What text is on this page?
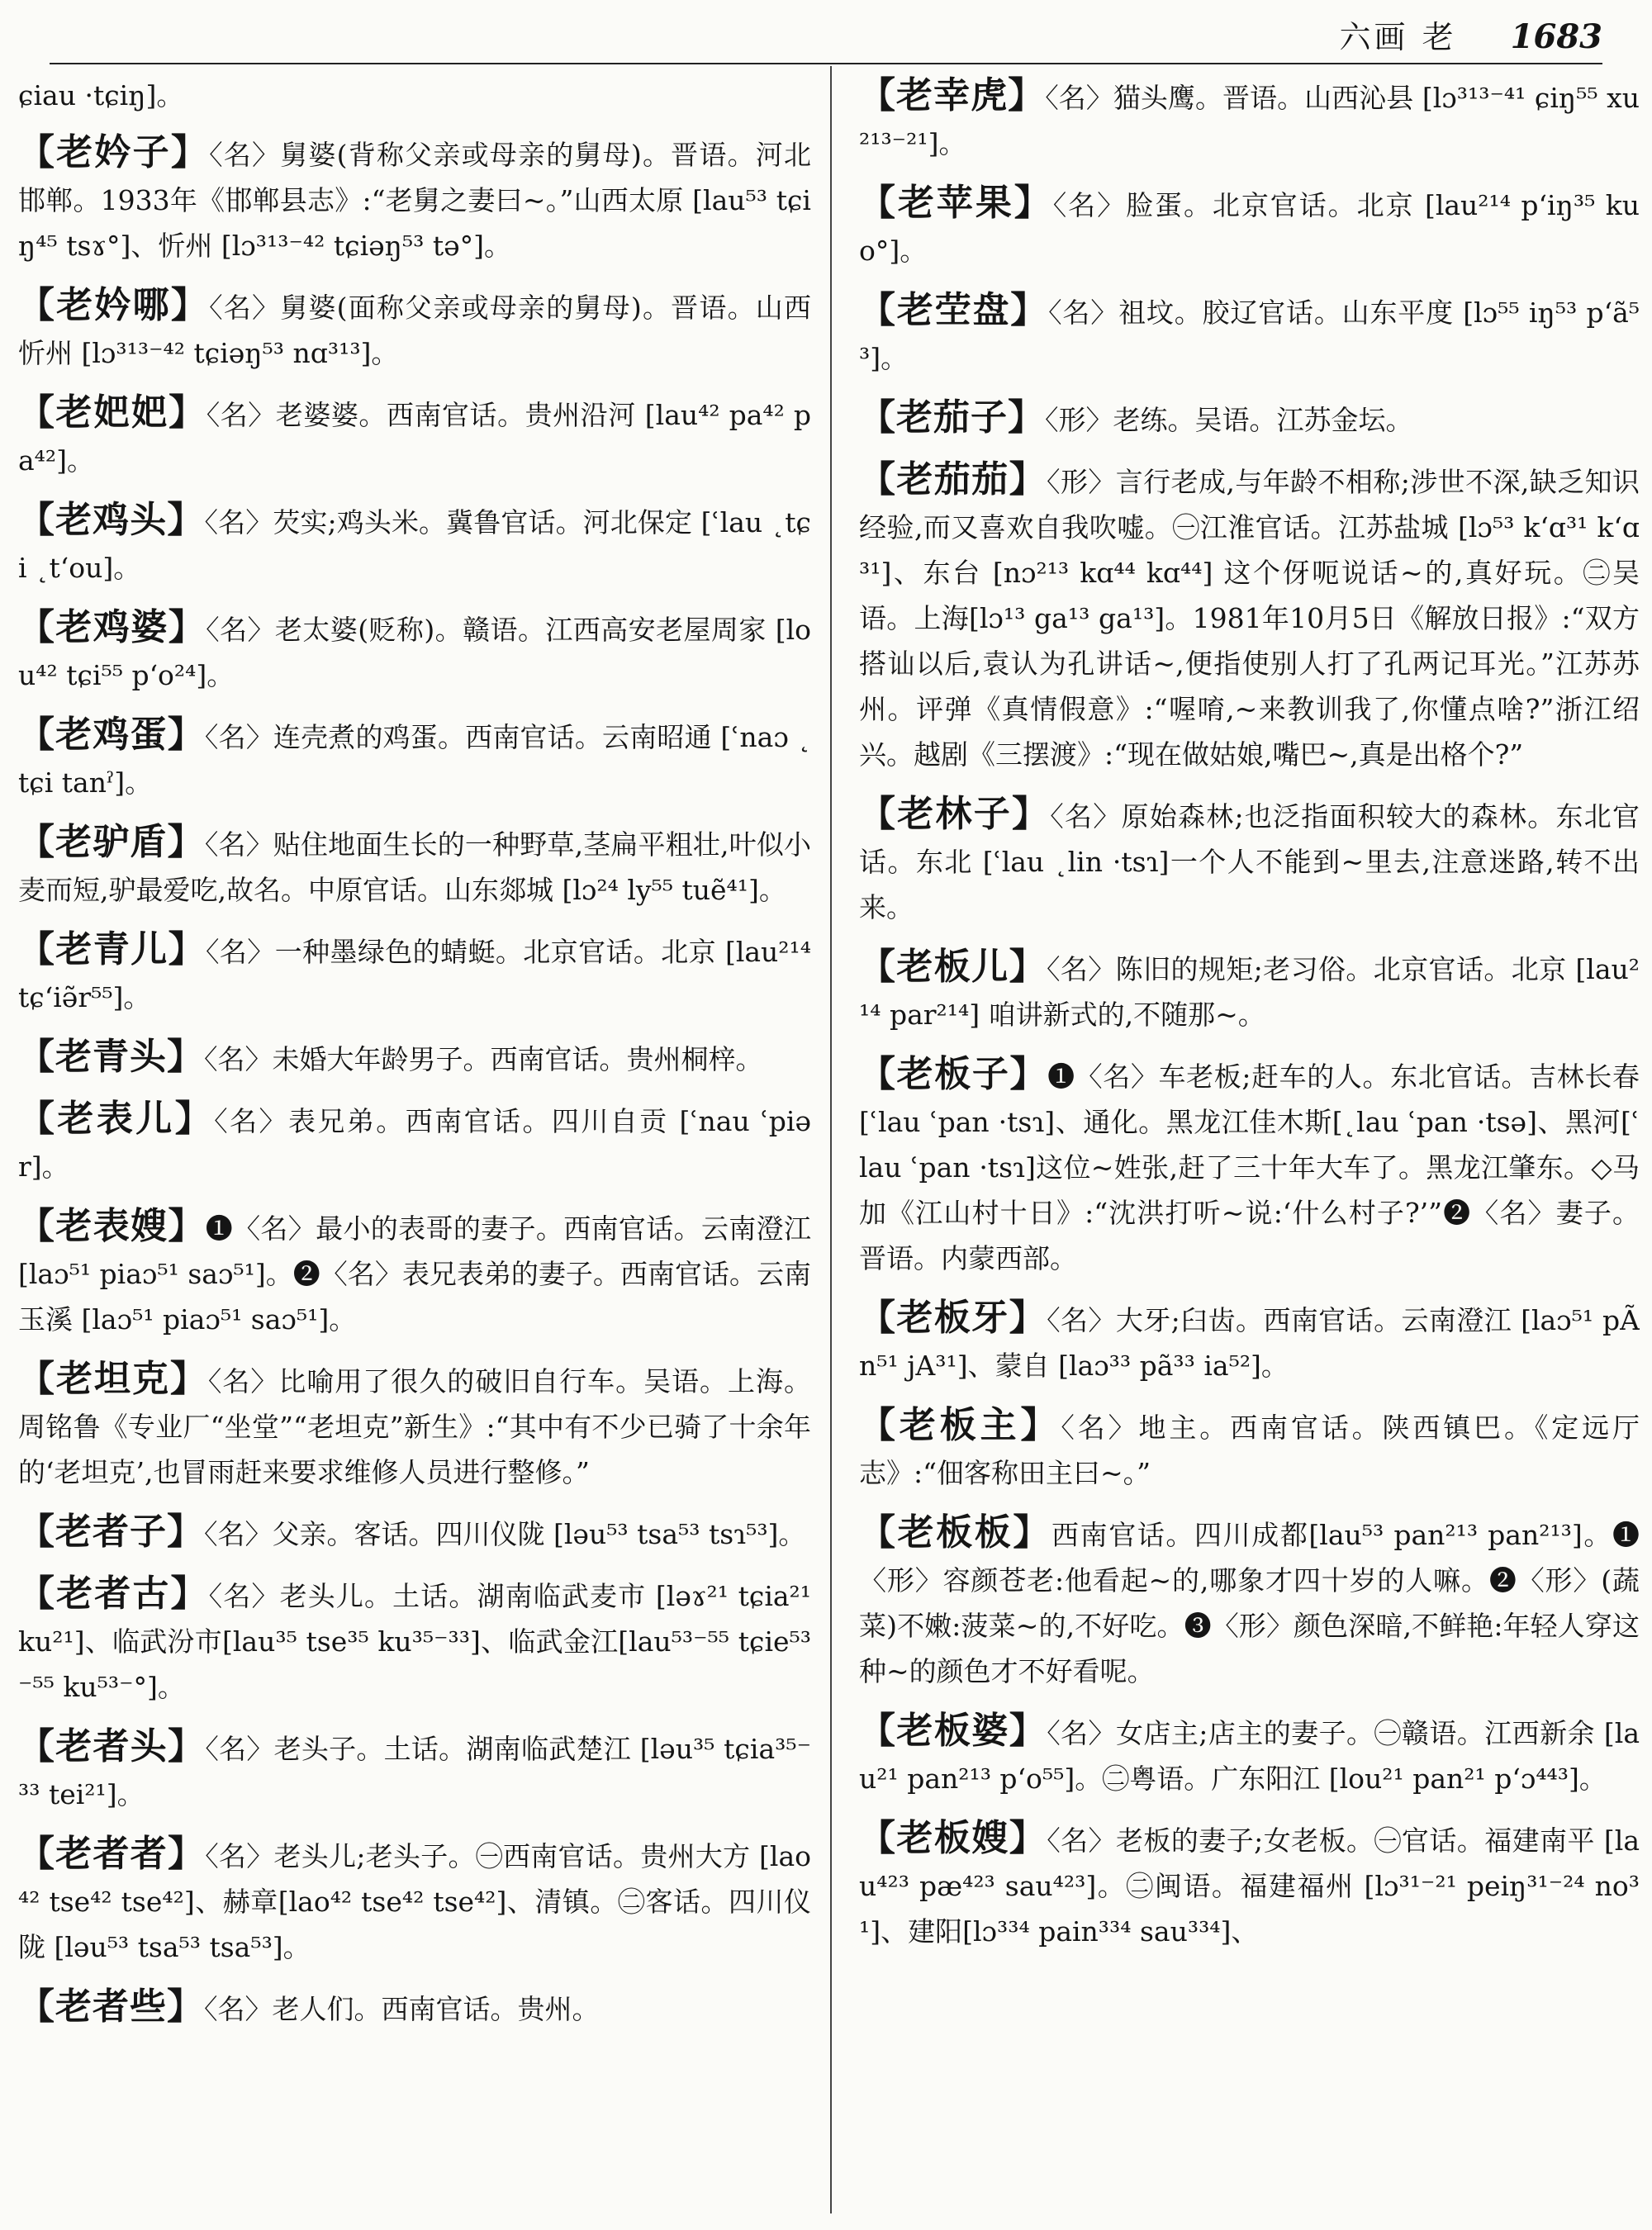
六画 老 1683
ɕiau ·tɕiŋ]。

【老妗子】〈名〉舅婆(背称父亲或母亲的舅母)。晋语。河北邯郸。1933年《邯郸县志》:“老舅之妻曰~。”山西太原 [lau⁵³ tɕiŋ⁴⁵ tsɤ°]、忻州 [lɔ³¹³⁻⁴² tɕiəŋ⁵³ tə°]。

【老妗哪】〈名〉舅婆(面称父亲或母亲的舅母)。晋语。山西忻州 [lɔ³¹³⁻⁴² tɕiəŋ⁵³ nɑ³¹³]。

【老妑妑】〈名〉老婆婆。西南官话。贵州沿河 [lau⁴² pa⁴² pa⁴²]。

【老鸡头】〈名〉芡实;鸡头米。冀鲁官话。河北保定 [ʿlau ˛tɕi ˛tʻou]。

【老鸡婆】〈名〉老太婆(贬称)。赣语。江西高安老屋周家 [lou⁴² tɕi⁵⁵ pʻo²⁴]。

【老鸡蛋】〈名〉连壳煮的鸡蛋。西南官话。云南昭通 [ʿnaɔ ˛tɕi tanˀ]。

【老驴盾】〈名〉贴住地面生长的一种野草,茎扁平粗壮,叶似小麦而短,驴最爱吃,故名。中原官话。山东郯城 [lɔ²⁴ ly⁵⁵ tuẽ⁴¹]。

【老青儿】〈名〉一种墨绿色的蜻蜓。北京官话。北京 [lau²¹⁴ tɕʻiə̃r⁵⁵]。

【老青头】〈名〉未婚大年龄男子。西南官话。贵州桐梓。

【老表儿】〈名〉表兄弟。西南官话。四川自贡 [ʿnau ʿpiər]。

【老表嫂】❶〈名〉最小的表哥的妻子。西南官话。云南澄江 [laɔ⁵¹ piaɔ⁵¹ saɔ⁵¹]。❷〈名〉表兄表弟的妻子。西南官话。云南玉溪 [laɔ⁵¹ piaɔ⁵¹ saɔ⁵¹]。

【老坦克】〈名〉比喻用了很久的破旧自行车。吴语。上海。周铭鲁《专业厂“坐堂”“老坦克”新生》:“其中有不少已骑了十余年的‘老坦克’,也冒雨赶来要求维修人员进行整修。”

【老者子】〈名〉父亲。客话。四川仪陇 [ləu⁵³ tsa⁵³ tsɿ⁵³]。

【老者古】〈名〉老头儿。土话。湖南临武麦市 [ləɤ²¹ tɕia²¹ ku²¹]、临武汾市[lau³⁵ tse³⁵ ku³⁵⁻³³]、临武金江[lau⁵³⁻⁵⁵ tɕie⁵³⁻⁵⁵ ku⁵³⁻°]。

【老者头】〈名〉老头子。土话。湖南临武楚江 [ləu³⁵ tɕia³⁵⁻³³ tei²¹]。

【老者者】〈名〉老头儿;老头子。㊀西南官话。贵州大方 [lao⁴² tse⁴² tse⁴²]、赫章[lao⁴² tse⁴² tse⁴²]、清镇。㊁客话。四川仪陇 [ləu⁵³ tsa⁵³ tsa⁵³]。

【老者些】〈名〉老人们。西南官话。贵州。

【老幸虎】〈名〉猫头鹰。晋语。山西沁县 [lɔ³¹³⁻⁴¹ ɕiŋ⁵⁵ xu²¹³⁻²¹]。

【老苹果】〈名〉脸蛋。北京官话。北京 [lau²¹⁴ pʻiŋ³⁵ kuo°]。

【老茔盘】〈名〉祖坟。胶辽官话。山东平度 [lɔ⁵⁵ iŋ⁵³ pʻã⁵³]。

【老茄子】〈形〉老练。吴语。江苏金坛。

【老茄茄】〈形〉言行老成,与年龄不相称;涉世不深,缺乏知识经验,而又喜欢自我吹嘘。㊀江淮官话。江苏盐城 [lɔ⁵³ kʻɑ³¹ kʻɑ³¹]、东台 [nɔ²¹³ kɑ⁴⁴ kɑ⁴⁴] 这个伢呃说话~的,真好玩。㊁吴语。上海[lɔ¹³ ga¹³ ga¹³]。1981年10月5日《解放日报》:“双方搭讪以后,袁认为孔讲话~,便指使别人打了孔两记耳光。”江苏苏州。评弹《真情假意》:“喔唷,~来教训我了,你懂点啥?”浙江绍兴。越剧《三摆渡》:“现在做姑娘,嘴巴~,真是出格个?”

【老林子】〈名〉原始森林;也泛指面积较大的森林。东北官话。东北 [ʿlau ˛lin ·tsɿ]一个人不能到~里去,注意迷路,转不出来。

【老板儿】〈名〉陈旧的规矩;老习俗。北京官话。北京 [lau²¹⁴ par²¹⁴] 咱讲新式的,不随那~。

【老板子】❶〈名〉车老板;赶车的人。东北官话。吉林长春[ʿlau ʿpan ·tsɿ]、通化。黑龙江佳木斯[˛lau ʿpan ·tsə]、黑河[ʿlau ʿpan ·tsɿ]这位~姓张,赶了三十年大车了。黑龙江肇东。◇马加《江山村十日》:“沈洪打听~说:‘什么村子?’”❷〈名〉妻子。晋语。内蒙西部。

【老板牙】〈名〉大牙;臼齿。西南官话。云南澄江 [laɔ⁵¹ pÃn⁵¹ jA³¹]、蒙自 [laɔ³³ pã³³ ia⁵²]。

【老板主】〈名〉地主。西南官话。陕西镇巴。《定远厅志》:“佃客称田主曰~。”

【老板板】西南官话。四川成都[lau⁵³ pan²¹³ pan²¹³]。❶〈形〉容颜苍老:他看起~的,哪象才四十岁的人嘛。❷〈形〉(蔬菜)不嫩:菠菜~的,不好吃。❸〈形〉颜色深暗,不鲜艳:年轻人穿这种~的颜色才不好看呢。

【老板婆】〈名〉女店主;店主的妻子。㊀赣语。江西新余 [lau²¹ pan²¹³ pʻo⁵⁵]。㊁粤语。广东阳江 [lou²¹ pan²¹ pʻɔ⁴⁴³]。

【老板嫂】〈名〉老板的妻子;女老板。㊀官话。福建南平 [lau⁴²³ pæ⁴²³ sau⁴²³]。㊁闽语。福建福州 [lɔ³¹⁻²¹ peiŋ³¹⁻²⁴ no³¹]、建阳[lɔ³³⁴ pain³³⁴ sau³³⁴]、
